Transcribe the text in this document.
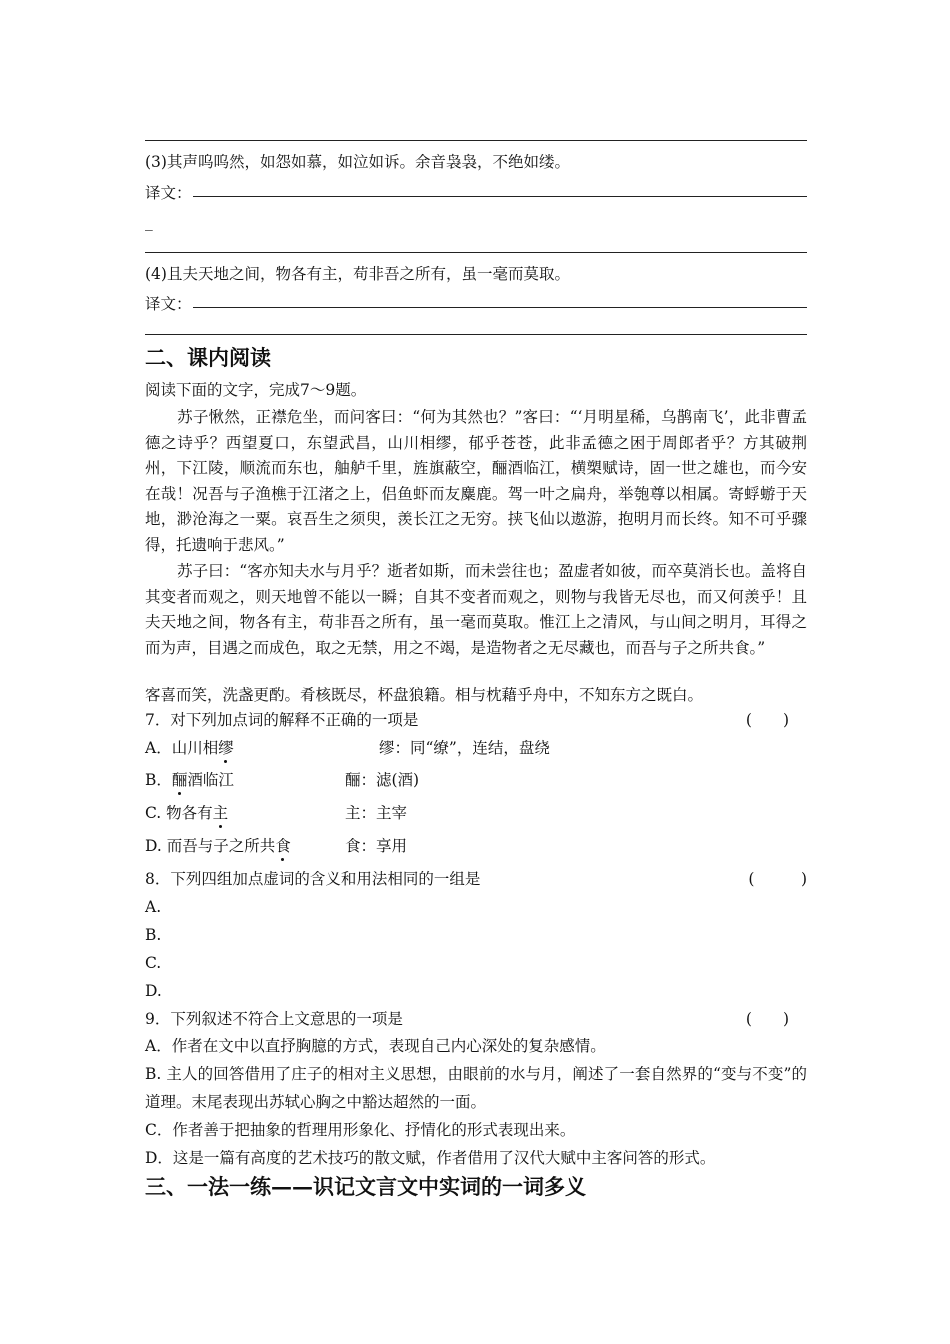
(3)其声呜呜然，如怨如慕，如泣如诉。余音袅袅，不绝如缕。
译文：
_
(4)且夫天地之间，物各有主，苟非吾之所有，虽一毫而莫取。
译文：
二、课内阅读
阅读下面的文字，完成7～9题。
苏子愀然，正襟危坐，而问客曰：“何为其然也？”客曰：“‘月明星稀，乌鹊南飞’，此非曹孟德之诗乎？西望夏口，东望武昌，山川相缪，郁乎苍苍，此非孟德之困于周郎者乎？方其破荆州，下江陵，顺流而东也，舳舻千里，旌旗蔽空，酾酒临江，横槊赋诗，固一世之雄也，而今安在哉！况吾与子渔樵于江渚之上，侣鱼虾而友麋鹿。驾一叶之扁舟，举匏尊以相属。寄蜉蝣于天地，渺沧海之一粟。哀吾生之须臾，羡长江之无穷。挟飞仙以遨游，抱明月而长终。知不可乎骤得，托遗响于悲风。”
苏子曰：“客亦知夫水与月乎？逝者如斯，而未尝往也；盈虚者如彼，而卒莫消长也。盖将自其变者而观之，则天地曾不能以一瞬；自其不变者而观之，则物与我皆无尽也，而又何羡乎！且夫天地之间，物各有主，苟非吾之所有，虽一毫而莫取。惟江上之清风，与山间之明月，耳得之而为声，目遇之而成色，取之无禁，用之不竭，是造物者之无尽藏也，而吾与子之所共食。”
客喜而笑，洗盏更酌。肴核既尽，杯盘狼籍。相与枕藉乎舟中，不知东方之既白。
7．对下列加点词的解释不正确的一项是	(　　)
A．山川相缪	缪：同“缭”，连结，盘绕
B．酾酒临江	酾：滤(酒)
C. 物各有主	主：主宰
D. 而吾与子之所共食	食：享用
8．下列四组加点虚词的含义和用法相同的一组是	(　　　)
A.
B.
C.
D.
9．下列叙述不符合上文意思的一项是	(　　)
A．作者在文中以直抒胸臆的方式，表现自己内心深处的复杂感情。
B. 主人的回答借用了庄子的相对主义思想，由眼前的水与月，阐述了一套自然界的“变与不变”的道理。末尾表现出苏轼心胸之中豁达超然的一面。
C．作者善于把抽象的哲理用形象化、抒情化的形式表现出来。
D．这是一篇有高度的艺术技巧的散文赋，作者借用了汉代大赋中主客问答的形式。
三、一法一练——识记文言文中实词的一词多义
